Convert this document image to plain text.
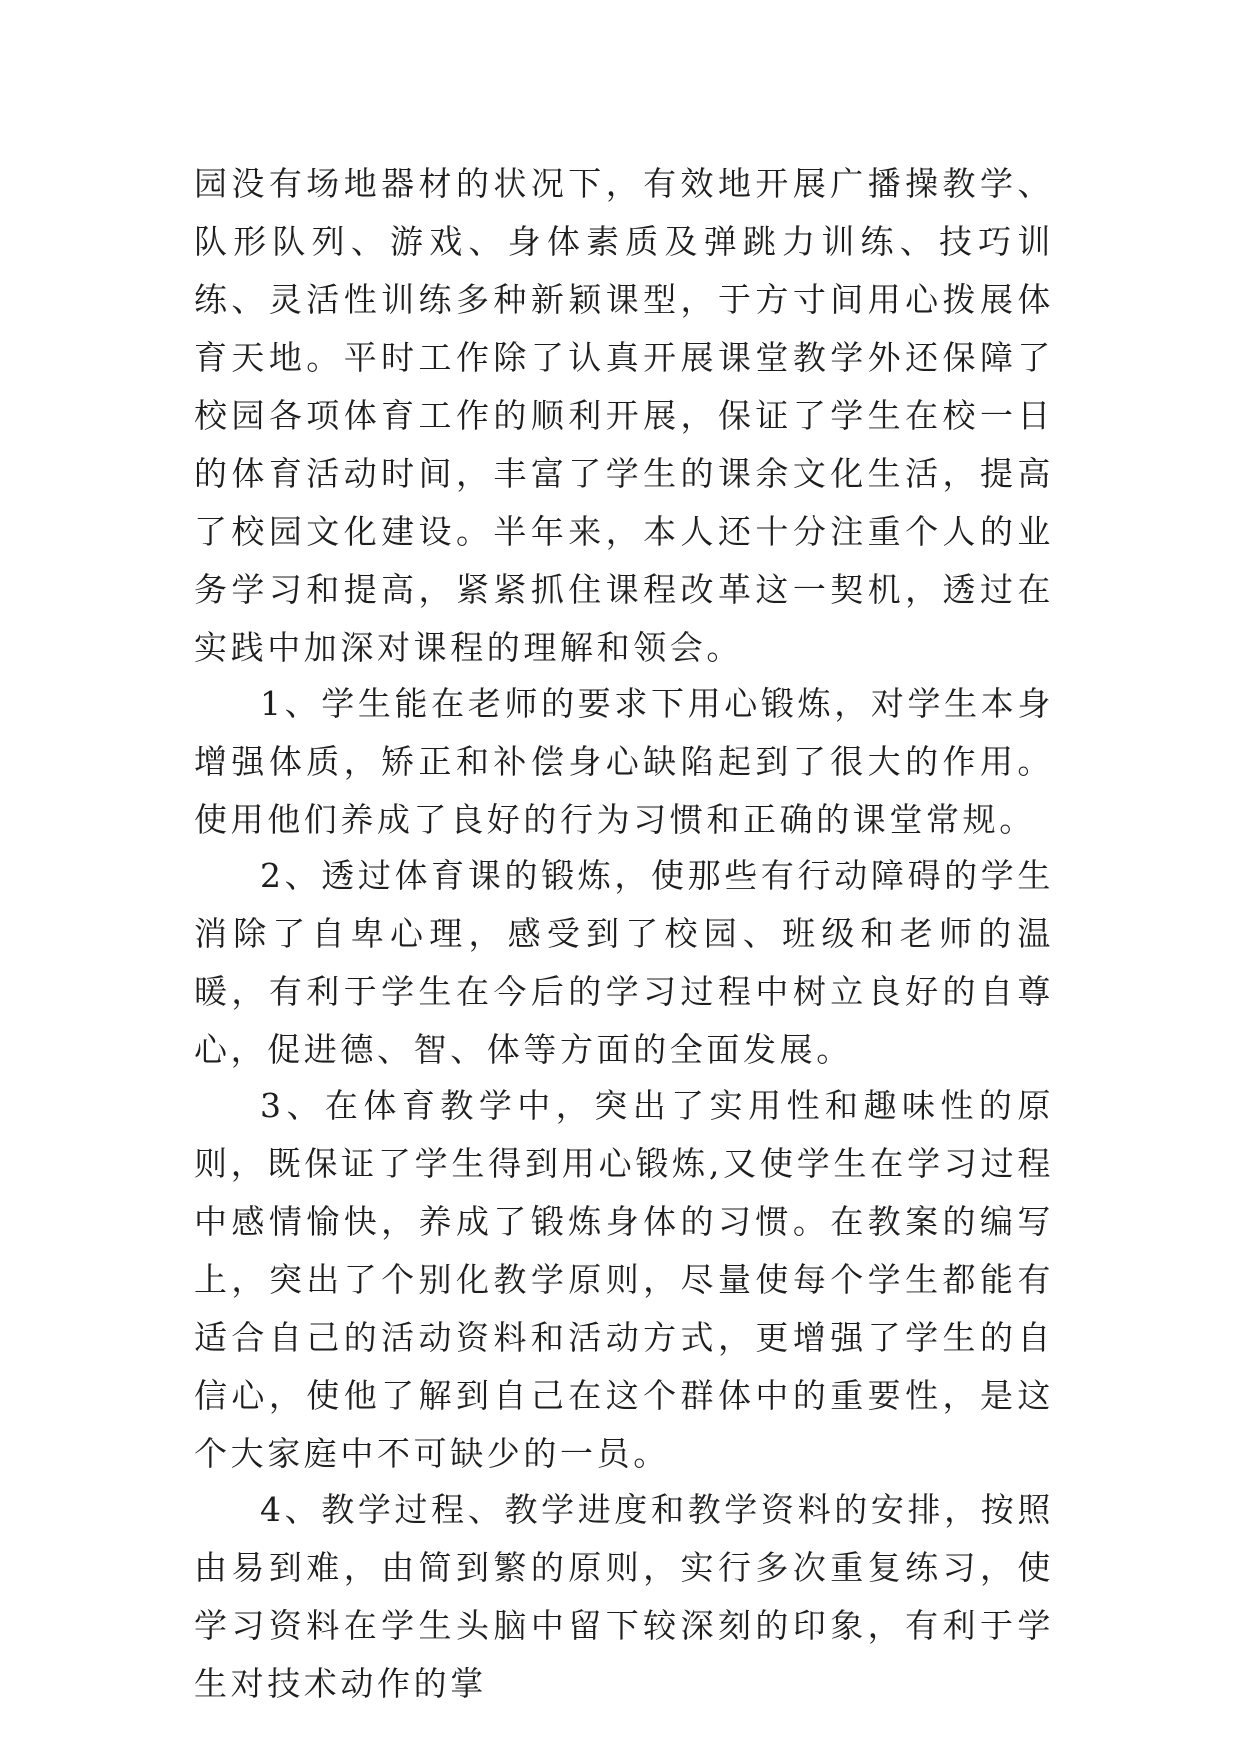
园没有场地器材的状况下，有效地开展广播操教学、队形队列、游戏、身体素质及弹跳力训练、技巧训练、灵活性训练多种新颖课型，于方寸间用心拨展体育天地。平时工作除了认真开展课堂教学外还保障了校园各项体育工作的顺利开展，保证了学生在校一日的体育活动时间，丰富了学生的课余文化生活，提高了校园文化建设。半年来，本人还十分注重个人的业务学习和提高，紧紧抓住课程改革这一契机，透过在实践中加深对课程的理解和领会。

1、学生能在老师的要求下用心锻炼，对学生本身增强体质，矫正和补偿身心缺陷起到了很大的作用。使用他们养成了良好的行为习惯和正确的课堂常规。

2、透过体育课的锻炼，使那些有行动障碍的学生消除了自卑心理，感受到了校园、班级和老师的温暖，有利于学生在今后的学习过程中树立良好的自尊心，促进德、智、体等方面的全面发展。

3、在体育教学中，突出了实用性和趣味性的原则，既保证了学生得到用心锻炼,又使学生在学习过程中感情愉快，养成了锻炼身体的习惯。在教案的编写上，突出了个别化教学原则，尽量使每个学生都能有适合自己的活动资料和活动方式，更增强了学生的自信心，使他了解到自己在这个群体中的重要性，是这个大家庭中不可缺少的一员。

4、教学过程、教学进度和教学资料的安排，按照由易到难，由简到繁的原则，实行多次重复练习，使学习资料在学生头脑中留下较深刻的印象，有利于学生对技术动作的掌
